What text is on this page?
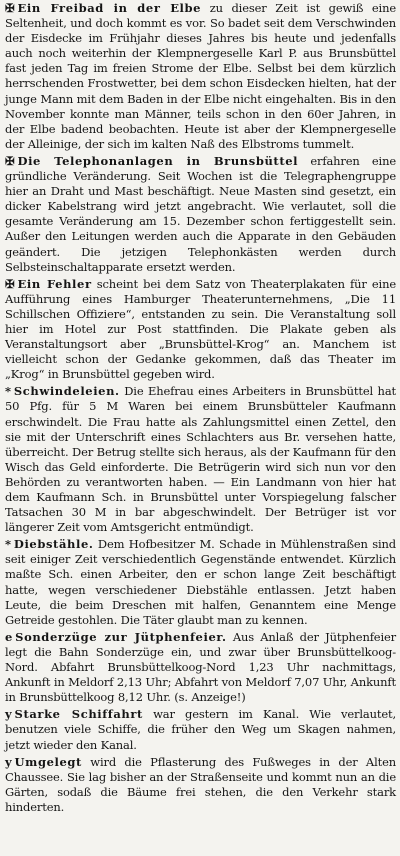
✠ Ein Freibad in der Elbe zu dieser Zeit ist gewiß eine Seltenheit, und doch kommt es vor. So badet seit dem Verschwinden der Eisdecke im Frühjahr dieses Jahres bis heute und jedenfalls auch noch weiterhin der Klempnergeselle Karl P. aus Brunsbüttel fast jeden Tag im freien Strome der Elbe. Selbst bei dem kürzlich herrschenden Frostwetter, bei dem schon Eisdecken hielten, hat der junge Mann mit dem Baden in der Elbe nicht eingehalten. Bis in den November konnte man Männer, teils schon in den 60er Jahren, in der Elbe badend beobachten. Heute ist aber der Klempnergeselle der Alleinige, der sich im kalten Naß des Elbstroms tummelt.

✠ Die Telephonanlagen in Brunsbüttel erfahren eine gründliche Veränderung. Seit Wochen ist die Telegraphengruppe hier an Draht und Mast beschäftigt. Neue Masten sind gesetzt, ein dicker Kabelstrang wird jetzt angebracht. Wie verlautet, soll die gesamte Veränderung am 15. Dezember schon fertiggestellt sein. Außer den Leitungen werden auch die Apparate in den Gebäuden geändert. Die jetzigen Telephonkästen werden durch Selbsteinschaltapparate ersetzt werden.

✠ Ein Fehler scheint bei dem Satz von Theaterplakaten für eine Aufführung eines Hamburger Theaterunternehmens, „Die 11 Schillschen Offiziere“, entstanden zu sein. Die Veranstaltung soll hier im Hotel zur Post stattfinden. Die Plakate geben als Veranstaltungsort aber „Brunsbüttel-Krog“ an. Manchem ist vielleicht schon der Gedanke gekommen, daß das Theater im „Krog“ in Brunsbüttel gegeben wird.

* Schwindeleien. Die Ehefrau eines Arbeiters in Brunsbüttel hat 50 Pfg. für 5 M Waren bei einem Brunsbütteler Kaufmann erschwindelt. Die Frau hatte als Zahlungsmittel einen Zettel, den sie mit der Unterschrift eines Schlachters aus Br. versehen hatte, überreicht. Der Betrug stellte sich heraus, als der Kaufmann für den Wisch das Geld einforderte. Die Betrügerin wird sich nun vor den Behörden zu verantworten haben. — Ein Landmann von hier hat dem Kaufmann Sch. in Brunsbüttel unter Vorspiegelung falscher Tatsachen 30 M in bar abgeschwindelt. Der Betrüger ist vor längerer Zeit vom Amtsgericht entmündigt.

* Diebstähle. Dem Hofbesitzer M. Schade in Mühlenstraßen sind seit einiger Zeit verschiedentlich Gegenstände entwendet. Kürzlich maßte Sch. einen Arbeiter, den er schon lange Zeit beschäftigt hatte, wegen verschiedener Diebstähle entlassen. Jetzt haben Leute, die beim Dreschen mit halfen, Genanntem eine Menge Getreide gestohlen. Die Täter glaubt man zu kennen.

e Sonderzüge zur Jütphenfeier. Aus Anlaß der Jütphenfeier legt die Bahn Sonderzüge ein, und zwar über Brunsbüttelkoog-Nord. Abfahrt Brunsbüttelkoog-Nord 1,23 Uhr nachmittags, Ankunft in Meldorf 2,13 Uhr; Abfahrt von Meldorf 7,07 Uhr, Ankunft in Brunsbüttelkoog 8,12 Uhr. (s. Anzeige!)

y Starke Schiffahrt war gestern im Kanal. Wie verlautet, benutzen viele Schiffe, die früher den Weg um Skagen nahmen, jetzt wieder den Kanal.

y Umgelegt wird die Pflasterung des Fußweges in der Alten Chaussee. Sie lag bisher an der Straßenseite und kommt nun an die Gärten, sodaß die Bäume frei stehen, die den Verkehr stark hinderten.
